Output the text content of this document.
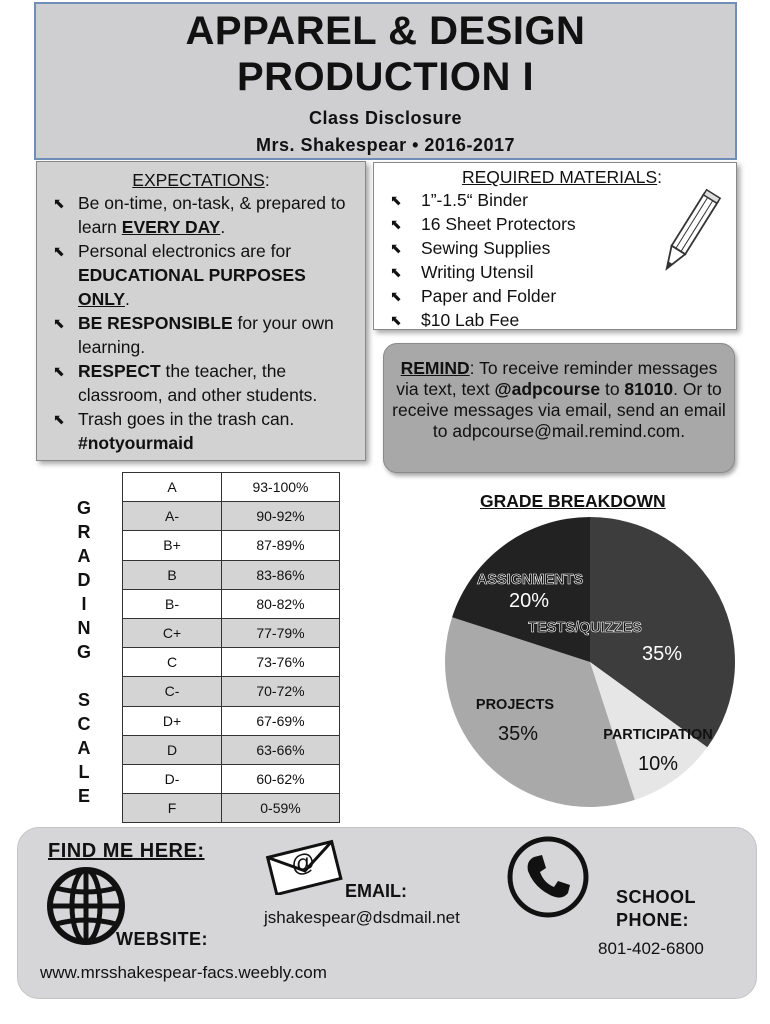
APPAREL & DESIGN
PRODUCTION I
Class Disclosure
Mrs. Shakespear • 2016-2017
EXPECTATIONS:
⬉ Be on-time, on-task, & prepared to learn EVERY DAY.
⬉ Personal electronics are for EDUCATIONAL PURPOSES ONLY.
⬉ BE RESPONSIBLE for your own learning.
⬉ RESPECT the teacher, the classroom, and other students.
⬉ Trash goes in the trash can. #notyourmaid
REQUIRED MATERIALS:
⬉ 1”-1.5“ Binder
⬉ 16 Sheet Protectors
⬉ Sewing Supplies
⬉ Writing Utensil
⬉ Paper and Folder
⬉ $10 Lab Fee
REMIND: To receive reminder messages via text, text @adpcourse to 81010. Or to receive messages via email, send an email to adpcourse@mail.remind.com.
G
R
A
D
I
N
G
S
C
A
L
E
A	93-100%
A-	90-92%
B+	87-89%
B	83-86%
B-	80-82%
C+	77-79%
C	73-76%
C-	70-72%
D+	67-69%
D	63-66%
D-	60-62%
F	0-59%
GRADE BREAKDOWN
TESTS/QUIZZES
35%
PARTICIPATION
10%
PROJECTS
35%
ASSIGNMENTS
20%
FIND ME HERE:
WEBSITE:
www.mrsshakespear-facs.weebly.com
@
EMAIL:
jshakespear@dsdmail.net
SCHOOL
PHONE:
801-402-6800
